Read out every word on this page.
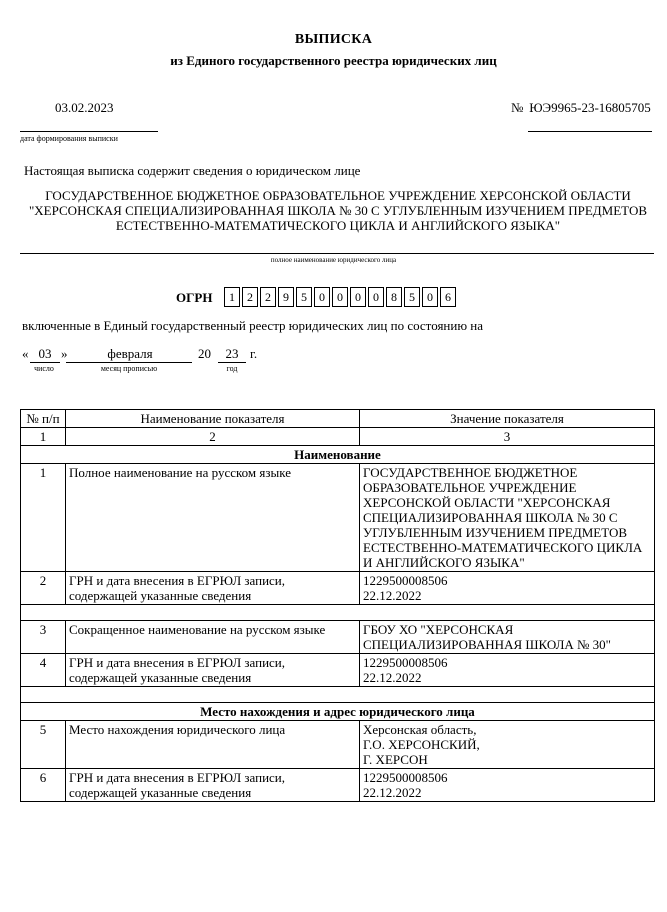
ВЫПИСКА
из Единого государственного реестра юридических лиц
03.02.2023
дата формирования выписки
№ ЮЭ9965-23-16805705
Настоящая выписка содержит сведения о юридическом лице
ГОСУДАРСТВЕННОЕ БЮДЖЕТНОЕ ОБРАЗОВАТЕЛЬНОЕ УЧРЕЖДЕНИЕ ХЕРСОНСКОЙ ОБЛАСТИ "ХЕРСОНСКАЯ СПЕЦИАЛИЗИРОВАННАЯ ШКОЛА № 30 С УГЛУБЛЕННЫМ ИЗУЧЕНИЕМ ПРЕДМЕТОВ ЕСТЕСТВЕННО-МАТЕМАТИЧЕСКОГО ЦИКЛА И АНГЛИЙСКОГО ЯЗЫКА"
полное наименование юридического лица
ОГРН	1	2	2	9	5	0	0	0	0	8	5	0	6
включенные в Единый государственный реестр юридических лиц по состоянию на
« 03 »	февраля	20	23 г.
число	месяц прописью	год
№ п/п	Наименование показателя	Значение показателя
1	2	3
Наименование		
1	Полное наименование на русском языке	ГОСУДАРСТВЕННОЕ БЮДЖЕТНОЕ ОБРАЗОВАТЕЛЬНОЕ УЧРЕЖДЕНИЕ ХЕРСОНСКОЙ ОБЛАСТИ "ХЕРСОНСКАЯ СПЕЦИАЛИЗИРОВАННАЯ ШКОЛА № 30 С УГЛУБЛЕННЫМ ИЗУЧЕНИЕМ ПРЕДМЕТОВ ЕСТЕСТВЕННО-МАТЕМАТИЧЕСКОГО ЦИКЛА И АНГЛИЙСКОГО ЯЗЫКА"
2	ГРН и дата внесения в ЕГРЮЛ записи, содержащей указанные сведения	1229500008506
22.12.2022

3	Сокращенное наименование на русском языке	ГБОУ ХО "ХЕРСОНСКАЯ СПЕЦИАЛИЗИРОВАННАЯ ШКОЛА № 30"
4	ГРН и дата внесения в ЕГРЮЛ записи, содержащей указанные сведения	1229500008506
22.12.2022

Место нахождения и адрес юридического лица		
5	Место нахождения юридического лица	Херсонская область,
Г.О. ХЕРСОНСКИЙ,
Г. ХЕРСОН

6	ГРН и дата внесения в ЕГРЮЛ записи, содержащей указанные сведения	1229500008506
22.12.2022
